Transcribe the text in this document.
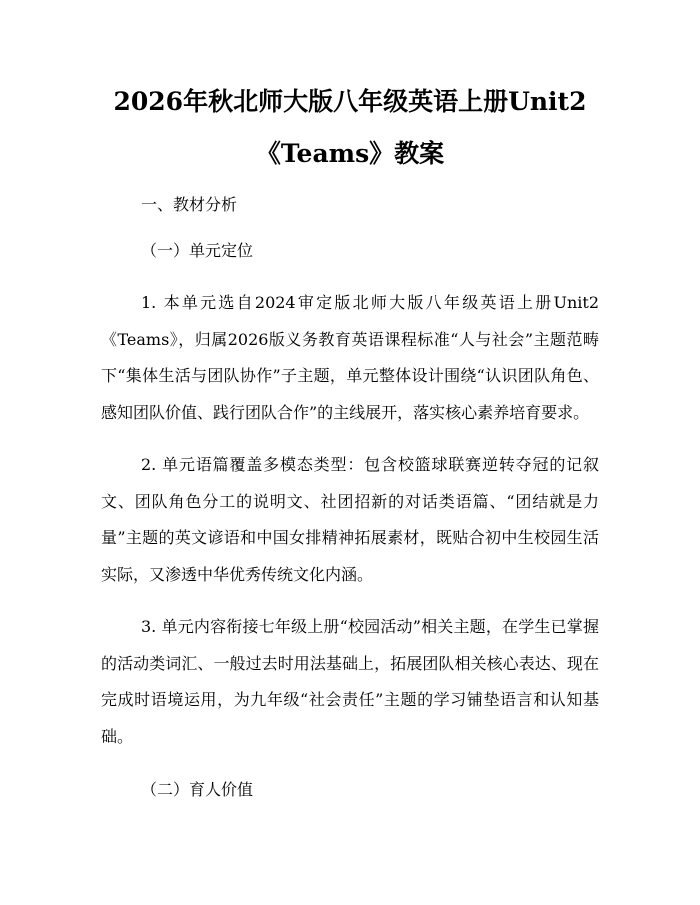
2026年秋北师大版八年级英语上册Unit2
《Teams》教案
一、教材分析
（一）单元定位

1. 本单元选自2024审定版北师大版八年级英语上册Unit2《Teams》，归属2026版义务教育英语课程标准“人与社会”主题范畴下“集体生活与团队协作”子主题，单元整体设计围绕“认识团队角色、感知团队价值、践行团队合作”的主线展开，落实核心素养培育要求。

2. 单元语篇覆盖多模态类型：包含校篮球联赛逆转夺冠的记叙文、团队角色分工的说明文、社团招新的对话类语篇、“团结就是力量”主题的英文谚语和中国女排精神拓展素材，既贴合初中生校园生活实际，又渗透中华优秀传统文化内涵。

3. 单元内容衔接七年级上册“校园活动”相关主题，在学生已掌握的活动类词汇、一般过去时用法基础上，拓展团队相关核心表达、现在完成时语境运用，为九年级“社会责任”主题的学习铺垫语言和认知基础。

（二）育人价值
